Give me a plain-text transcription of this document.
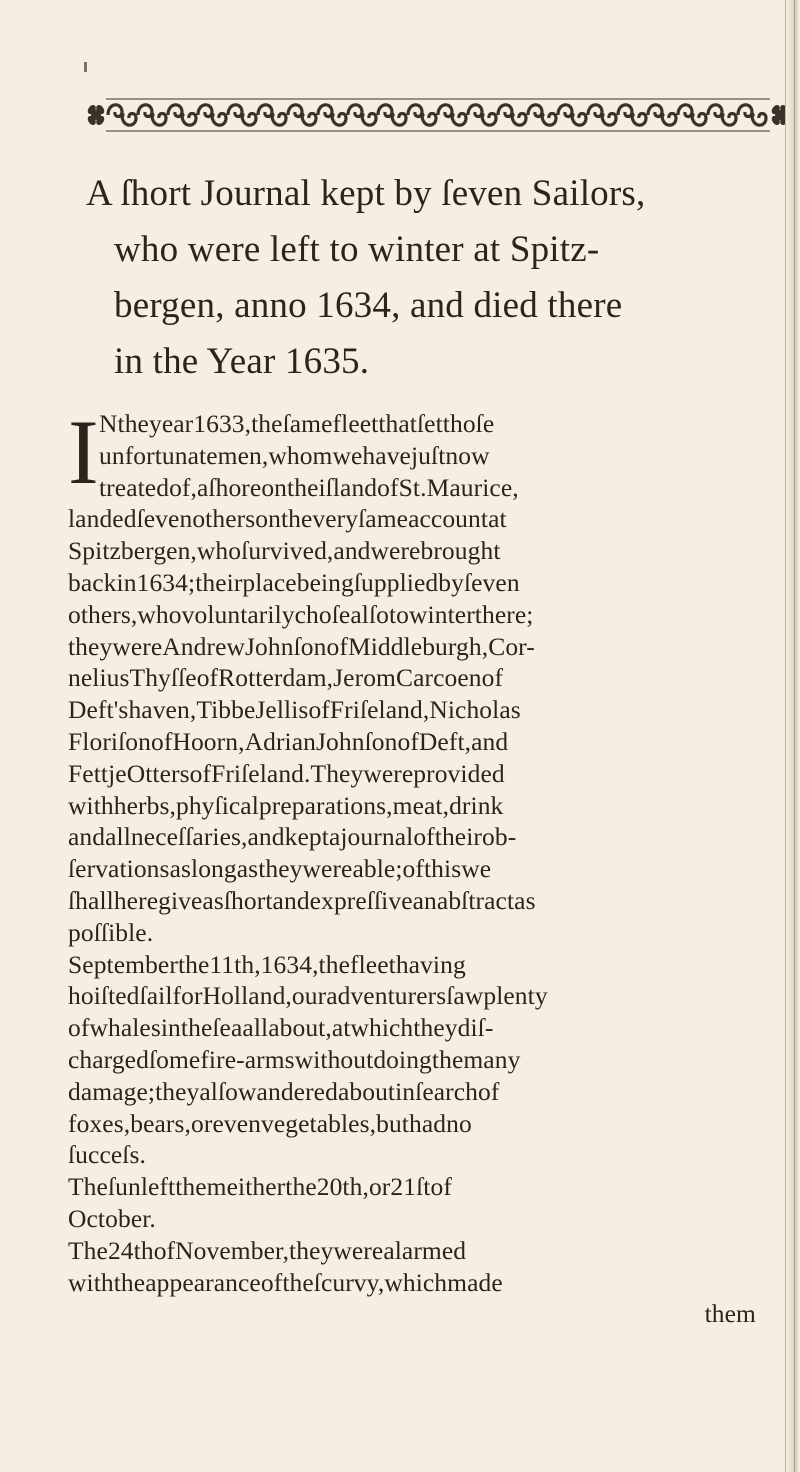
A ſhort Journal kept by ſeven Sailors,
who were left to winter at Spitz-
bergen, anno 1634, and died there
in the Year 1635.
I Ntheyear1633,theſamefleetthatſetthoſe
unfortunatemen,whomwehavejuſtnow
treatedof,aſhoreontheiſlandofSt.Maurice,
landedſevenothersontheveryſameaccountat
Spitzbergen,whoſurvived,andwerebrought
backin1634;theirplacebeingſuppliedbyſeven
others,whovoluntarilychoſealſotowinterthere;
theywereAndrewJohnſonofMiddleburgh,Cor-
neliusThyſſeofRotterdam,JeromCarcoenof
Deft'shaven,TibbeJellisofFriſeland,Nicholas
FloriſonofHoorn,AdrianJohnſonofDeft,and
FettjeOttersofFriſeland.Theywereprovided
withherbs,phyſicalpreparations,meat,drink
andallneceſſaries,andkeptajournaloftheirob-
ſervationsaslongastheywereable;ofthiswe
ſhallheregiveasſhortandexpreſſiveanabſtractas
poſſible.
Septemberthe11th,1634,thefleethaving
hoiſtedſailforHolland,ouradventurersſawplenty
ofwhalesintheſeaallabout,atwhichtheydiſ-
chargedſomefire-armswithoutdoingthemany
damage;theyalſowanderedaboutinſearchof
foxes,bears,orevenvegetables,buthadno
ſucceſs.
Theſunleftthemeitherthe20th,or21ſtof
October.
The24thofNovember,theywerealarmed
withtheappearanceoftheſcurvy,whichmade
them
